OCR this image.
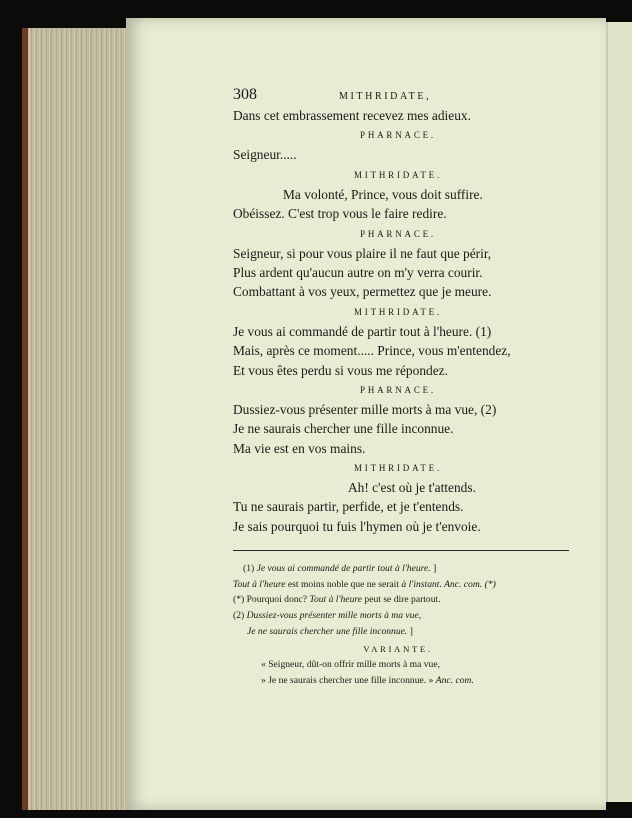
308	MITHRIDATE,
Dans cet embrassement recevez mes adieux.
PHARNACE.
Seigneur.....
MITHRIDATE.
Ma volonté, Prince, vous doit suffire.
Obéissez. C'est trop vous le faire redire.
PHARNACE.
Seigneur, si pour vous plaire il ne faut que périr,
Plus ardent qu'aucun autre on m'y verra courir.
Combattant à vos yeux, permettez que je meure.
MITHRIDATE.
Je vous ai commandé de partir tout à l'heure. (1)
Mais, après ce moment..... Prince, vous m'entendez,
Et vous êtes perdu si vous me répondez.
PHARNACE.
Dussiez-vous présenter mille morts à ma vue, (2)
Je ne saurais chercher une fille inconnue.
Ma vie est en vos mains.
MITHRIDATE.
Ah! c'est où je t'attends.
Tu ne saurais partir, perfide, et je t'entends.
Je sais pourquoi tu fuis l'hymen où je t'envoie.
(1) Je vous ai commandé de partir tout à l'heure. ]
Tout à l'heure est moins noble que ne serait à l'instant. Anc. com. (*)
(*) Pourquoi donc? Tout à l'heure peut se dire partout.
(2) Dussiez-vous présenter mille morts à ma vue,
Je ne saurais chercher une fille inconnue. ]
VARIANTE.
« Seigneur, dût-on offrir mille morts à ma vue,
» Je ne saurais chercher une fille inconnue. » Anc. com.
